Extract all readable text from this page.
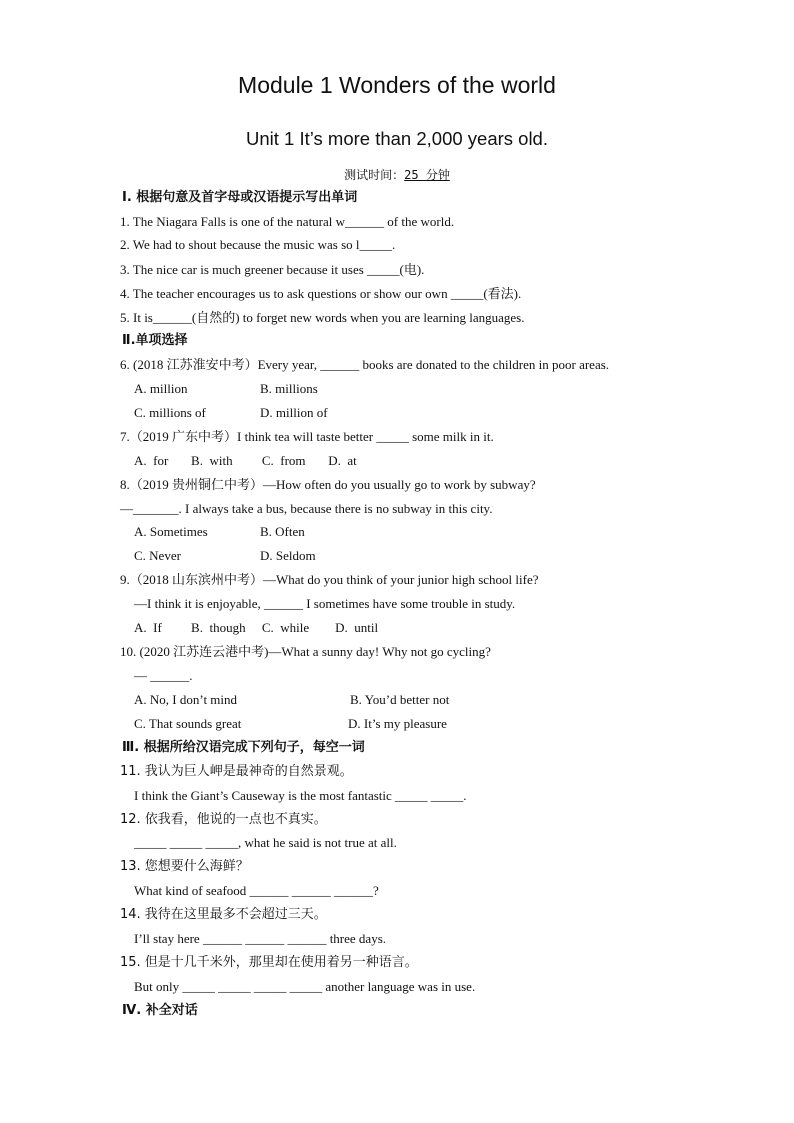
Module 1 Wonders of the world
Unit 1 It’s more than 2,000 years old.
测试时间：25 分钟
Ⅰ. 根据句意及首字母或汉语提示写出单词
1. The Niagara Falls is one of the natural w______ of the world.
2. We had to shout because the music was so l_____.
3. The nice car is much greener because it uses _____(电).
4. The teacher encourages us to ask questions or show our own _____(看法).
5. It is______(自然的) to forget new words when you are learning languages.
Ⅱ.单项选择
6. (2018 江苏淮安中考）Every year, ______ books are donated to the children in poor areas.
A. million	B. millions
C. millions of	D. million of
7.（2019 广东中考）I think tea will taste better _____ some milk in it.
A.  for       B.  with         C.  from       D.  at
8.（2019 贵州铜仁中考）—How often do you usually go to work by subway?
—_______. I always take a bus, because there is no subway in this city.
A. Sometimes	B. Often
C. Never	D. Seldom
9.（2018 山东滨州中考）—What do you think of your junior high school life?
—I think it is enjoyable, ______ I sometimes have some trouble in study.
A.  If         B.  though     C.  while        D.  until
10. (2020 江苏连云港中考)—What a sunny day! Why not go cycling?
— ______.
A. No, I don’t mind	B. You’d better not
C. That sounds great	D. It’s my pleasure
Ⅲ. 根据所给汉语完成下列句子，每空一词
11. 我认为巨人岬是最神奇的自然景观。
I think the Giant’s Causeway is the most fantastic _____ _____.
12. 依我看，他说的一点也不真实。
_____ _____ _____, what he said is not true at all.
13. 您想要什么海鲜？
What kind of seafood ______ ______ ______?
14. 我待在这里最多不会超过三天。
I’ll stay here ______ ______ ______ three days.
15. 但是十几千米外，那里却在使用着另一种语言。
But only _____ _____ _____ _____ another language was in use.
Ⅳ. 补全对话
